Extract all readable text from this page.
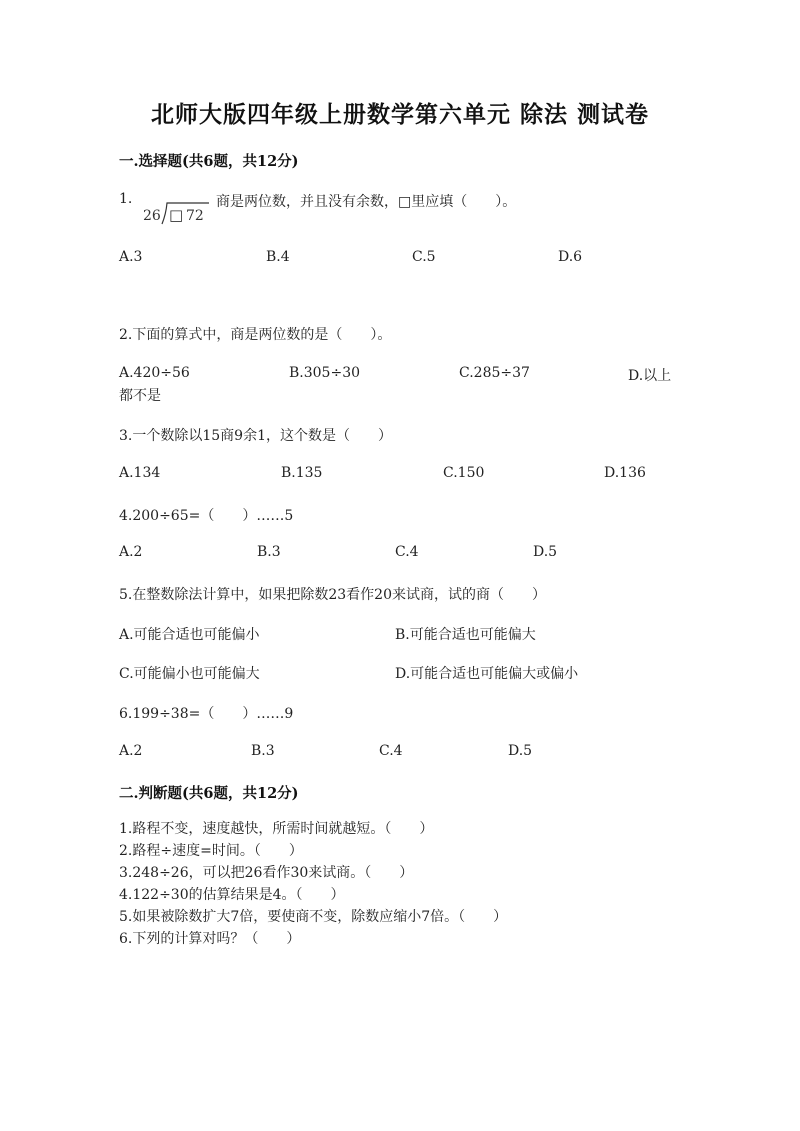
北师大版四年级上册数学第六单元 除法 测试卷
一.选择题(共6题，共12分)
1.
26 □ 72
商是两位数，并且没有余数，□里应填（　　）。
A.3	B.4	C.5	D.6
2.下面的算式中，商是两位数的是（　　）。
A.420÷56	B.305÷30	C.285÷37	D.以上
都不是
3.一个数除以15商9余1，这个数是（　　）
A.134	B.135	C.150	D.136
4.200÷65=（　　）……5
A.2	B.3	C.4	D.5
5.在整数除法计算中，如果把除数23看作20来试商，试的商（　　）
A.可能合适也可能偏小	B.可能合适也可能偏大
C.可能偏小也可能偏大	D.可能合适也可能偏大或偏小
6.199÷38=（　　）……9
A.2	B.3	C.4	D.5
二.判断题(共6题，共12分)
1.路程不变，速度越快，所需时间就越短。（　　）
2.路程÷速度=时间。（　　）
3.248÷26，可以把26看作30来试商。（　　）
4.122÷30的估算结果是4。（　　）
5.如果被除数扩大7倍，要使商不变，除数应缩小7倍。（　　）
6.下列的计算对吗？（　　）
